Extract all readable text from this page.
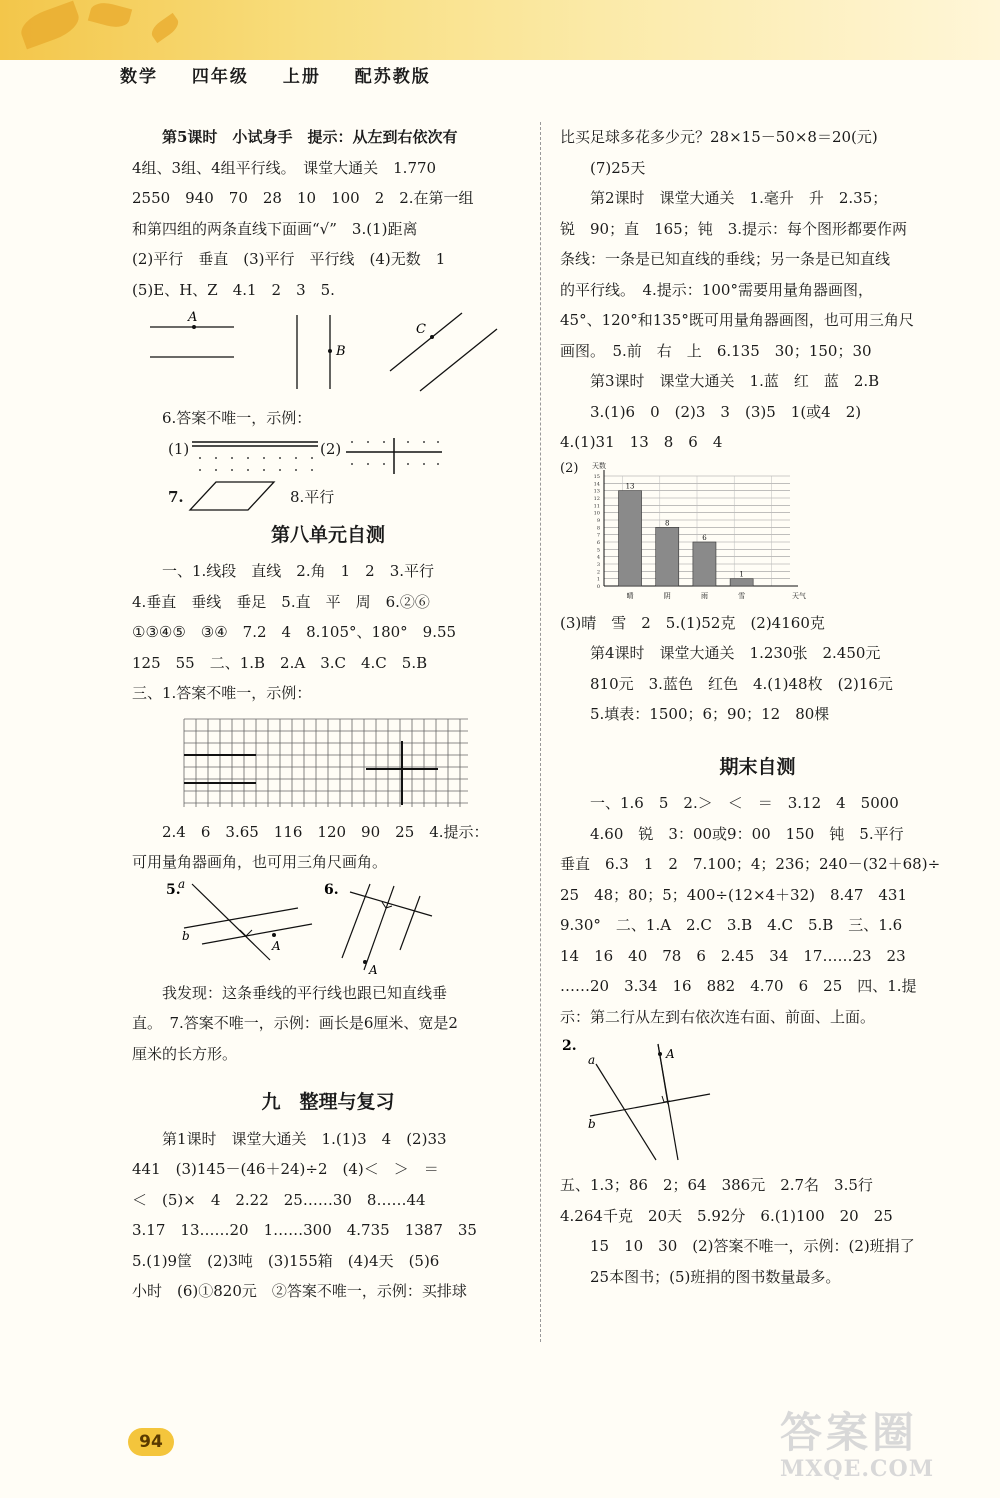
数学 四年级 上册 配苏教版

第5课时　小试身手　提示：从左到右依次有

4组、3组、4组平行线。　课堂大通关　1.770

2550　940　70　28　10　100　2　2.在第一组

和第四组的两条直线下面画“√”　3.(1)距离

(2)平行　垂直　(3)平行　平行线　(4)无数　1

(5)E、H、Z　4.1　2　3　5.

A
B
C

6.答案不唯一，示例：

(1)	(2)
7.	8.平行
第八单元自测

一、1.线段　直线　2.角　1　2　3.平行

4.垂直　垂线　垂足　5.直　平　周　6.②⑥

①③④⑤　③④　7.2　4　8.105°、180°　9.55

125　55　二、1.B　2.A　3.C　4.C　5.B

三、1.答案不唯一，示例：

2.4　6　3.65　116　120　90　25　4.提示：

可用量角器画角，也可用三角尺画角。

5.
a
b
A
6.
A

我发现：这条垂线的平行线也跟已知直线垂

直。　7.答案不唯一，示例：画长是6厘米、宽是2

厘米的长方形。

九　整理与复习

第1课时　课堂大通关　1.(1)3　4　(2)33

441　(3)145－(46＋24)÷2　(4)＜　＞　＝

＜　(5)×　4　2.22　25……30　8……44

3.17　13……20　1……300　4.735　1387　35

5.(1)9筐　(2)3吨　(3)155箱　(4)4天　(5)6

小时　(6)①820元　②答案不唯一，示例：买排球

比买足球多花多少元？28×15－50×8＝20(元)

(7)25天

第2课时　课堂大通关　1.毫升　升　2.35；

锐　90；直　165；钝　3.提示：每个图形都要作两

条线：一条是已知直线的垂线；另一条是已知直线

的平行线。　4.提示：100°需要用量角器画图，

45°、120°和135°既可用量角器画图，也可用三角尺

画图。　5.前　右　上　6.135　30；150；30

第3课时　课堂大通关　1.蓝　红　蓝　2.B

3.(1)6　0　(2)3　3　(3)5　1(或4　2)

4.(1)31　13　8　6　4

(2)
0
1
2
3
4
5
6
7
8
9
10
11
12
13
14
15
天数
天气
13
晴
8
阴
6
雨
1
雪

(3)晴　雪　2　5.(1)52克　(2)4160克

第4课时　课堂大通关　1.230张　2.450元

810元　3.蓝色　红色　4.(1)48枚　(2)16元

5.填表：1500；6；90；12　80棵

期末自测

一、1.6　5　2.＞　＜　＝　3.12　4　5000

4.60　锐　3：00或9：00　150　钝　5.平行

垂直　6.3　1　2　7.100；4；236；240－(32＋68)÷

25　48；80；5；400÷(12×4＋32)　8.47　431

9.30°　二、1.A　2.C　3.B　4.C　5.B　三、1.6

14　16　40　78　6　2.45　34　17……23　23

……20　3.34　16　882　4.70　6　25　四、1.提

示：第二行从左到右依次连右面、前面、上面。

2.
a
b
A

五、1.3；86　2；64　386元　2.7名　3.5行

4.264千克　20天　5.92分　6.(1)100　20　25

15　10　30　(2)答案不唯一，示例：(2)班捐了

25本图书；(5)班捐的图书数量最多。

94	答案圈
MXQE.COM
